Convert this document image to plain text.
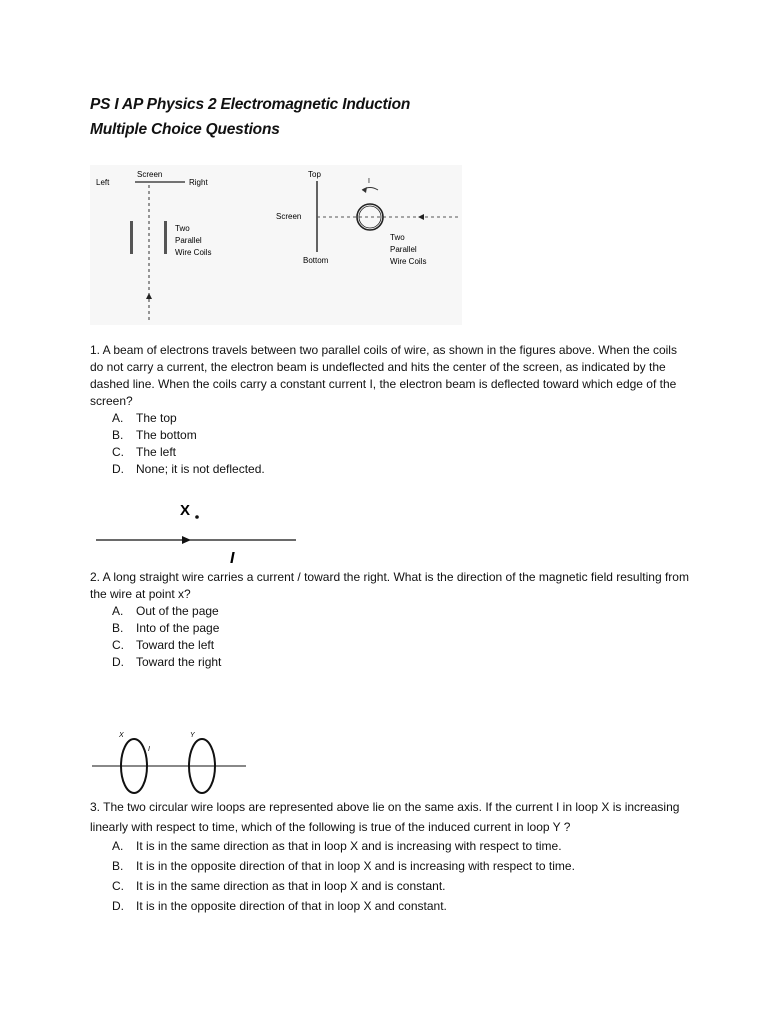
PS I AP Physics 2 Electromagnetic Induction
Multiple Choice Questions
Left
Screen
Right
Two
Parallel
Wire Coils
Top
Screen
Bottom
I
Two
Parallel
Wire Coils

1. A beam of electrons travels between two parallel coils of wire, as shown in the figures above. When the coils do not carry a current, the electron beam is undeflected and hits the center of the screen, as indicated by the dashed line. When the coils carry a constant current I, the electron beam is deflected toward which edge of the screen?

A. The top
B. The bottom
C. The left
D. None; it is not deflected.
X
I

2. A long straight wire carries a current / toward the right. What is the direction of the magnetic field resulting from the wire at point x?

A. Out of the page
B. Into of the page
C. Toward the left
D. Toward the right
X	Y
I

3. The two circular wire loops are represented above lie on the same axis. If the current I in loop X is increasing linearly with respect to time, which of the following is true of the induced current in loop Y ?

A. It is in the same direction as that in loop X and is increasing with respect to time.
B. It is in the opposite direction of that in loop X and is increasing with respect to time.
C. It is in the same direction as that in loop X and is constant.
D. It is in the opposite direction of that in loop X and constant.
